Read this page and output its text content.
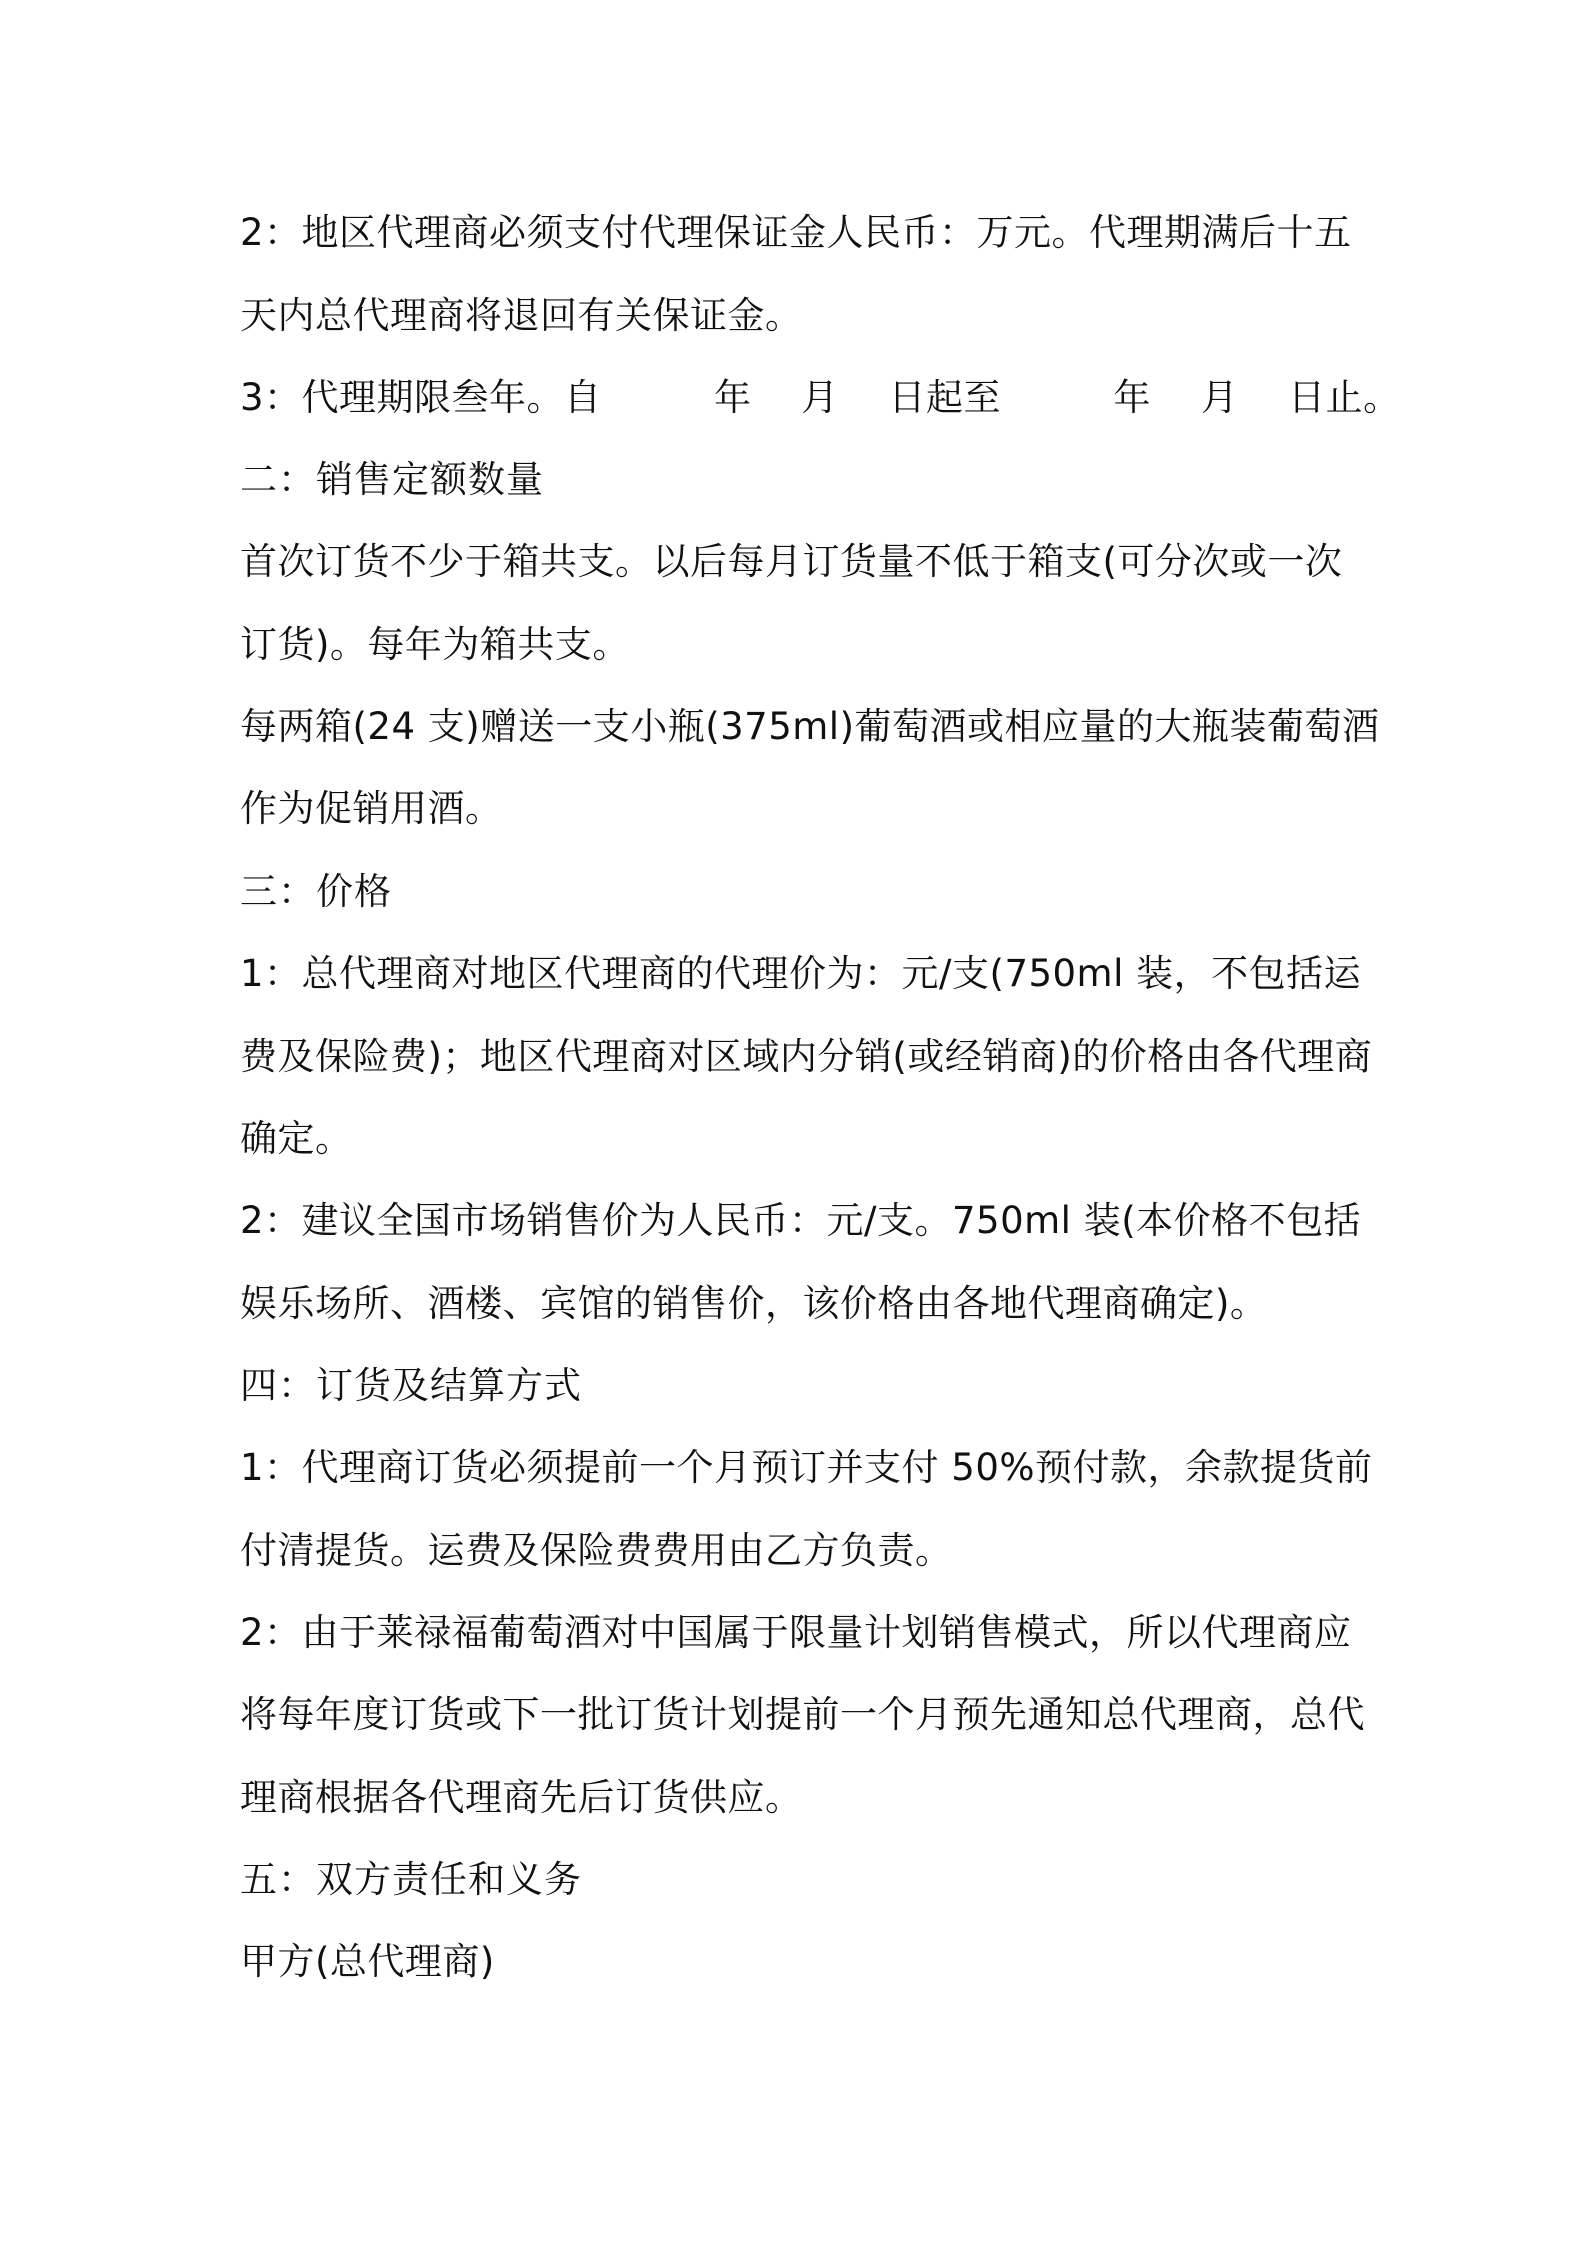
2：地区代理商必须支付代理保证金人民币：万元。代理期满后十五
天内总代理商将退回有关保证金。
3：代理期限叁年。自　　　年　 月　 日起至　　　年　 月　 日止。
二：销售定额数量
首次订货不少于箱共支。以后每月订货量不低于箱支(可分次或一次
订货)。每年为箱共支。
每两箱(24 支)赠送一支小瓶(375ml)葡萄酒或相应量的大瓶装葡萄酒
作为促销用酒。
三：价格
1：总代理商对地区代理商的代理价为：元/支(750ml 装，不包括运
费及保险费)；地区代理商对区域内分销(或经销商)的价格由各代理商
确定。
2：建议全国市场销售价为人民币：元/支。750ml 装(本价格不包括
娱乐场所、酒楼、宾馆的销售价，该价格由各地代理商确定)。
四：订货及结算方式
1：代理商订货必须提前一个月预订并支付 50%预付款，余款提货前
付清提货。运费及保险费费用由乙方负责。
2：由于莱禄福葡萄酒对中国属于限量计划销售模式，所以代理商应
将每年度订货或下一批订货计划提前一个月预先通知总代理商，总代
理商根据各代理商先后订货供应。
五：双方责任和义务
甲方(总代理商)
